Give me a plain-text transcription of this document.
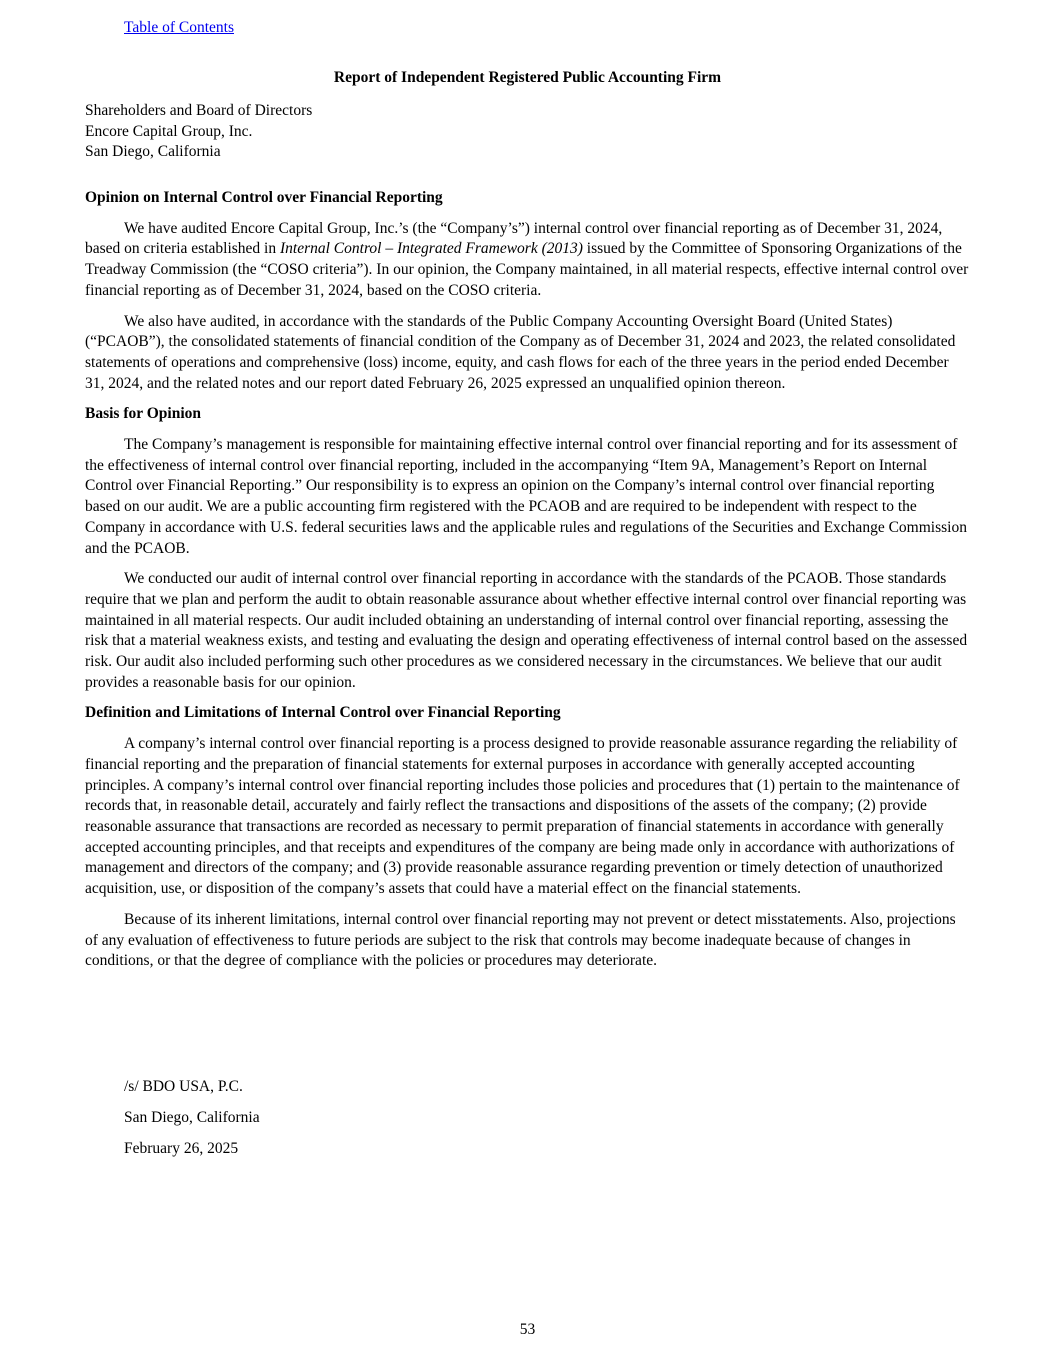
Table of Contents
Report of Independent Registered Public Accounting Firm
Shareholders and Board of Directors
Encore Capital Group, Inc.
San Diego, California
Opinion on Internal Control over Financial Reporting

We have audited Encore Capital Group, Inc.’s (the “Company’s”) internal control over financial reporting as of December 31, 2024, based on criteria established in Internal Control – Integrated Framework (2013) issued by the Committee of Sponsoring Organizations of the Treadway Commission (the “COSO criteria”). In our opinion, the Company maintained, in all material respects, effective internal control over financial reporting as of December 31, 2024, based on the COSO criteria.

We also have audited, in accordance with the standards of the Public Company Accounting Oversight Board (United States) (“PCAOB”), the consolidated statements of financial condition of the Company as of December 31, 2024 and 2023, the related consolidated statements of operations and comprehensive (loss) income, equity, and cash flows for each of the three years in the period ended December 31, 2024, and the related notes and our report dated February 26, 2025 expressed an unqualified opinion thereon.

Basis for Opinion

The Company’s management is responsible for maintaining effective internal control over financial reporting and for its assessment of the effectiveness of internal control over financial reporting, included in the accompanying “Item 9A, Management’s Report on Internal Control over Financial Reporting.” Our responsibility is to express an opinion on the Company’s internal control over financial reporting based on our audit. We are a public accounting firm registered with the PCAOB and are required to be independent with respect to the Company in accordance with U.S. federal securities laws and the applicable rules and regulations of the Securities and Exchange Commission and the PCAOB.

We conducted our audit of internal control over financial reporting in accordance with the standards of the PCAOB. Those standards require that we plan and perform the audit to obtain reasonable assurance about whether effective internal control over financial reporting was maintained in all material respects. Our audit included obtaining an understanding of internal control over financial reporting, assessing the risk that a material weakness exists, and testing and evaluating the design and operating effectiveness of internal control based on the assessed risk. Our audit also included performing such other procedures as we considered necessary in the circumstances. We believe that our audit provides a reasonable basis for our opinion.

Definition and Limitations of Internal Control over Financial Reporting

A company’s internal control over financial reporting is a process designed to provide reasonable assurance regarding the reliability of financial reporting and the preparation of financial statements for external purposes in accordance with generally accepted accounting principles. A company’s internal control over financial reporting includes those policies and procedures that (1) pertain to the maintenance of records that, in reasonable detail, accurately and fairly reflect the transactions and dispositions of the assets of the company; (2) provide reasonable assurance that transactions are recorded as necessary to permit preparation of financial statements in accordance with generally accepted accounting principles, and that receipts and expenditures of the company are being made only in accordance with authorizations of management and directors of the company; and (3) provide reasonable assurance regarding prevention or timely detection of unauthorized acquisition, use, or disposition of the company’s assets that could have a material effect on the financial statements.

Because of its inherent limitations, internal control over financial reporting may not prevent or detect misstatements. Also, projections of any evaluation of effectiveness to future periods are subject to the risk that controls may become inadequate because of changes in conditions, or that the degree of compliance with the policies or procedures may deteriorate.

/s/ BDO USA, P.C.
San Diego, California
February 26, 2025
53
